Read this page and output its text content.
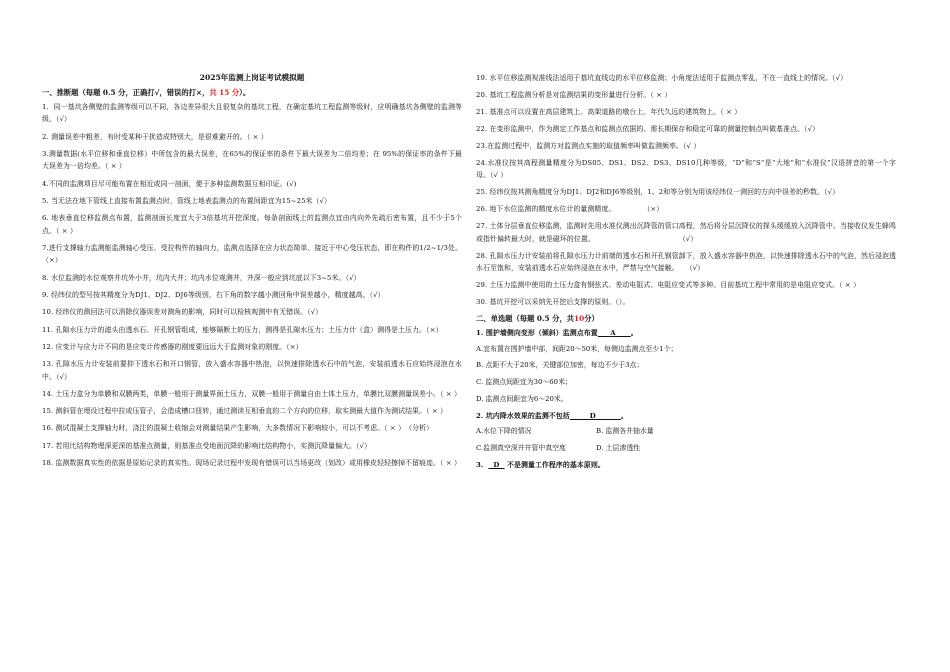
2025年监测上岗证考试模拟题
一、推断题（每题 0.5 分，正确打√，错误的打×，共 15 分）。
1．同一基坑各侧壁的监测等级可以不同，各边差异很大且很复杂的基坑工程，在确定基坑工程监测等级时，应明确基坑各侧壁的监测等级。（√）
2. 测量误差中粗差，有时受某种干扰造成特别大，是很难避开的。（ × ）
3.测量数据(水平位移和垂直位移）中所包含的最大误差，在65%的保证率的条件下最大误差为二倍均差；在 95%的保证率的条件下最大误差为一倍均差。（ × ）
4.不同的监测项目尽可能布置在相近或同一剖面，便于多种监测数据互相印证。(√)
5. 当无法在地下管线上直接布置监测点时，管线上地表监测点的布置间距宜为15~25米（√）
6. 地表垂直位移监测点布置，监测剖面长度宜大于3倍基坑开挖深度。每条剖面线上的监测点宜由内向外先疏后密布置，且不少于5个点。（ × ）
7.进行支撑轴力监测能监测轴心受压、受拉构件的轴向力，监测点选择在应力状态简单、接近于中心受压状态，即在构件的1/2~1/3处。（×）
8. 水位监测的水位观察井坑外小井，坑内大井；坑内水位观测井，井深一般应到坑底以下3~5米。（√）
9. 经纬仪的型号按其精度分为DJ1、DJ2、DJ6等级别，右下角的数字越小测回角中误差越小，精度越高。（√）
10. 经纬仪的测回法可以消除仪器误差对测角的影响，同时可以检核观测中有无错误。（√）
11. 孔隙水压力计的滤头由透水石、开孔钢管组成，能够隔断土的压力，测得是孔隙水压力；土压力计（盒）测得是土压力。（×）
12. 应变计与应力计不同的是应变计传感器的刚度要远远大于监测对象的刚度。（×）
13. 孔隙水压力计安装前要抑下透水石和开口钢管，放入盛水容器中热泡，以快速排除透水石中的气泡，安装前透水石应始终浸泡在水中。（√）
14. 土压力盒分为单膜和双膜两类，单膜一般用于测量界面土压力，双膜一般用于测量自由土体土压力，单膜比双膜测量误差小。（ × ）
15. 测斜管在埋设过程中拉或压管子，会造成槽口扭转，通过测读互相垂直的二个方向的位移，取实测最大值作为测试结果。（ × ）
16. 测试混凝土支撑轴力时，浇注的混凝土收缩会对测量结果产生影响，大多数情况下影响较小，可以不考虑。（ × ）　（分析）
17. 若用比结构物埋深更深的基准点测量，则基准点受地面沉降的影响比结构物小，实测沉降量偏大。（√）
18. 监测数据真实性的依据是原始记录的真实性。现场记录过程中发现有错误可以当场更改（划改）或用橡皮轻轻擦掉不留痕迹。（ × ）
19. 水平位移监测视准线法适用于基坑直线边的水平位移监测；小角度法适用于监测点零乱，不在一直线上的情况。（√）
20. 基坑工程监测分析是对监测结果的变形量进行分析。（ × ）
21. 基准点可以设置在高层建筑上、高架道路的墩台上、年代久远的建筑物上。（ × ）
22. 在变形监测中，作为测定工作基点和监测点依据的、需长期保存和稳定可靠的测量控制点叫做基准点。（√）
23.在监测过程中，监测方对监测点实施的取值频率叫做监测频率。（√ ）
24.水准仪按其高程测量精度分为DS05、DS1、DS2、DS3、DS10几种等级，“D”和“S”是“大地”和“水准仪”汉语拼音的第一个字母。（√ ）
25. 经纬仪按其测角精度分为DJ1、DJ2和DJ6等级别，1、2和等分别为用该经纬仪一测回的方向中误差的秒数。（√）
26. 地下水位监测的精度水位计的量测精度。　　　　　（×）
27. 土体分层垂直位移监测，监测时先用水准仪测出沉降管的管口高程，然后将分层沉降仪的探头缓缓放入沉降管中。当接收仪发生蜂鸣或指针偏转最大时，就是磁环的位置。　　　　　　　　　　　　　（√）
28. 孔隙水压力计安装前将孔隙水压力计前端的透水石和开孔钢管卸下，放入盛水容器中热泡，以快速排除透水石中的气泡，然后浸泡透水石至饱和，安装前透水石应始终浸泡在水中，严禁与空气接触。　　（√）
29. 土压力监测中使用的土压力盒有钢弦式、差动电阻式、电阻应变式等多种。目前基坑工程中常用的是电阻应变式。（ × ）
30. 基坑开挖可以采纳先开挖后支撑的原则。（）。
二、单选题（每题 0.5 分，共10分）
1. 围护墙侧向变形（倾斜）监测点布置 A 。
A.宜布置在围护墙中部，间距20～50米，每侧边监测点至少1个；
B. 点距不大于20米，关键部位加密，每边不少于3点；
C. 监测点间距宜为30～60米；
D. 监测点间距宜为6～20米。
2. 坑内降水效果的监测不包括	D	。
A.水位下降的情况	B. 监测各井抽水量
C.监测真空深井井管中真空度	D. 土层渗透性
3. D 不是测量工作程序的基本原则。
